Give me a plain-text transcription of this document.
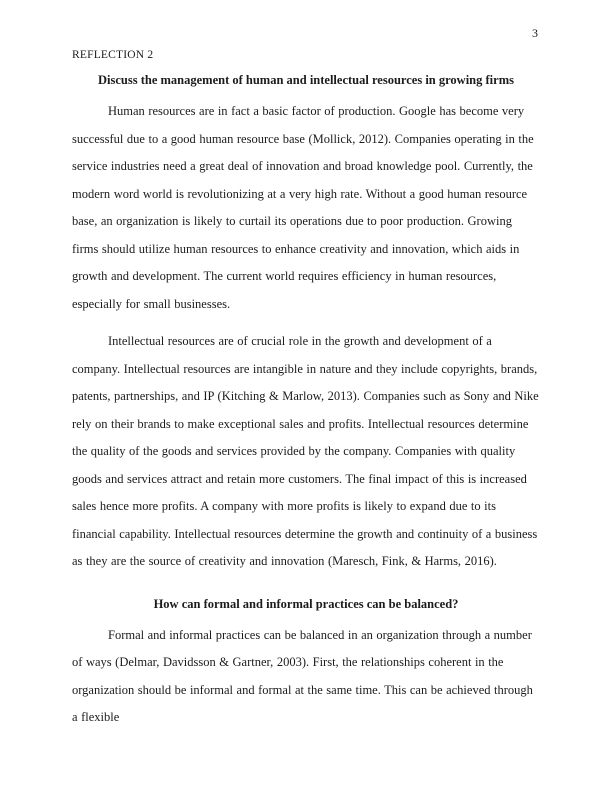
3
REFLECTION 2
Discuss the management of human and intellectual resources in growing firms

Human resources are in fact a basic factor of production. Google has become very successful due to a good human resource base (Mollick, 2012). Companies operating in the service industries need a great deal of innovation and broad knowledge pool. Currently, the modern word world is revolutionizing at a very high rate. Without a good human resource base, an organization is likely to curtail its operations due to poor production. Growing firms should utilize human resources to enhance creativity and innovation, which aids in growth and development. The current world requires efficiency in human resources, especially for small businesses.

Intellectual resources are of crucial role in the growth and development of a company. Intellectual resources are intangible in nature and they include copyrights, brands, patents, partnerships, and IP (Kitching & Marlow, 2013). Companies such as Sony and Nike rely on their brands to make exceptional sales and profits. Intellectual resources determine the quality of the goods and services provided by the company. Companies with quality goods and services attract and retain more customers. The final impact of this is increased sales hence more profits. A company with more profits is likely to expand due to its financial capability. Intellectual resources determine the growth and continuity of a business as they are the source of creativity and innovation (Maresch, Fink, & Harms, 2016).

How can formal and informal practices can be balanced?

Formal and informal practices can be balanced in an organization through a number of ways (Delmar, Davidsson & Gartner, 2003). First, the relationships coherent in the organization should be informal and formal at the same time. This can be achieved through a flexible
